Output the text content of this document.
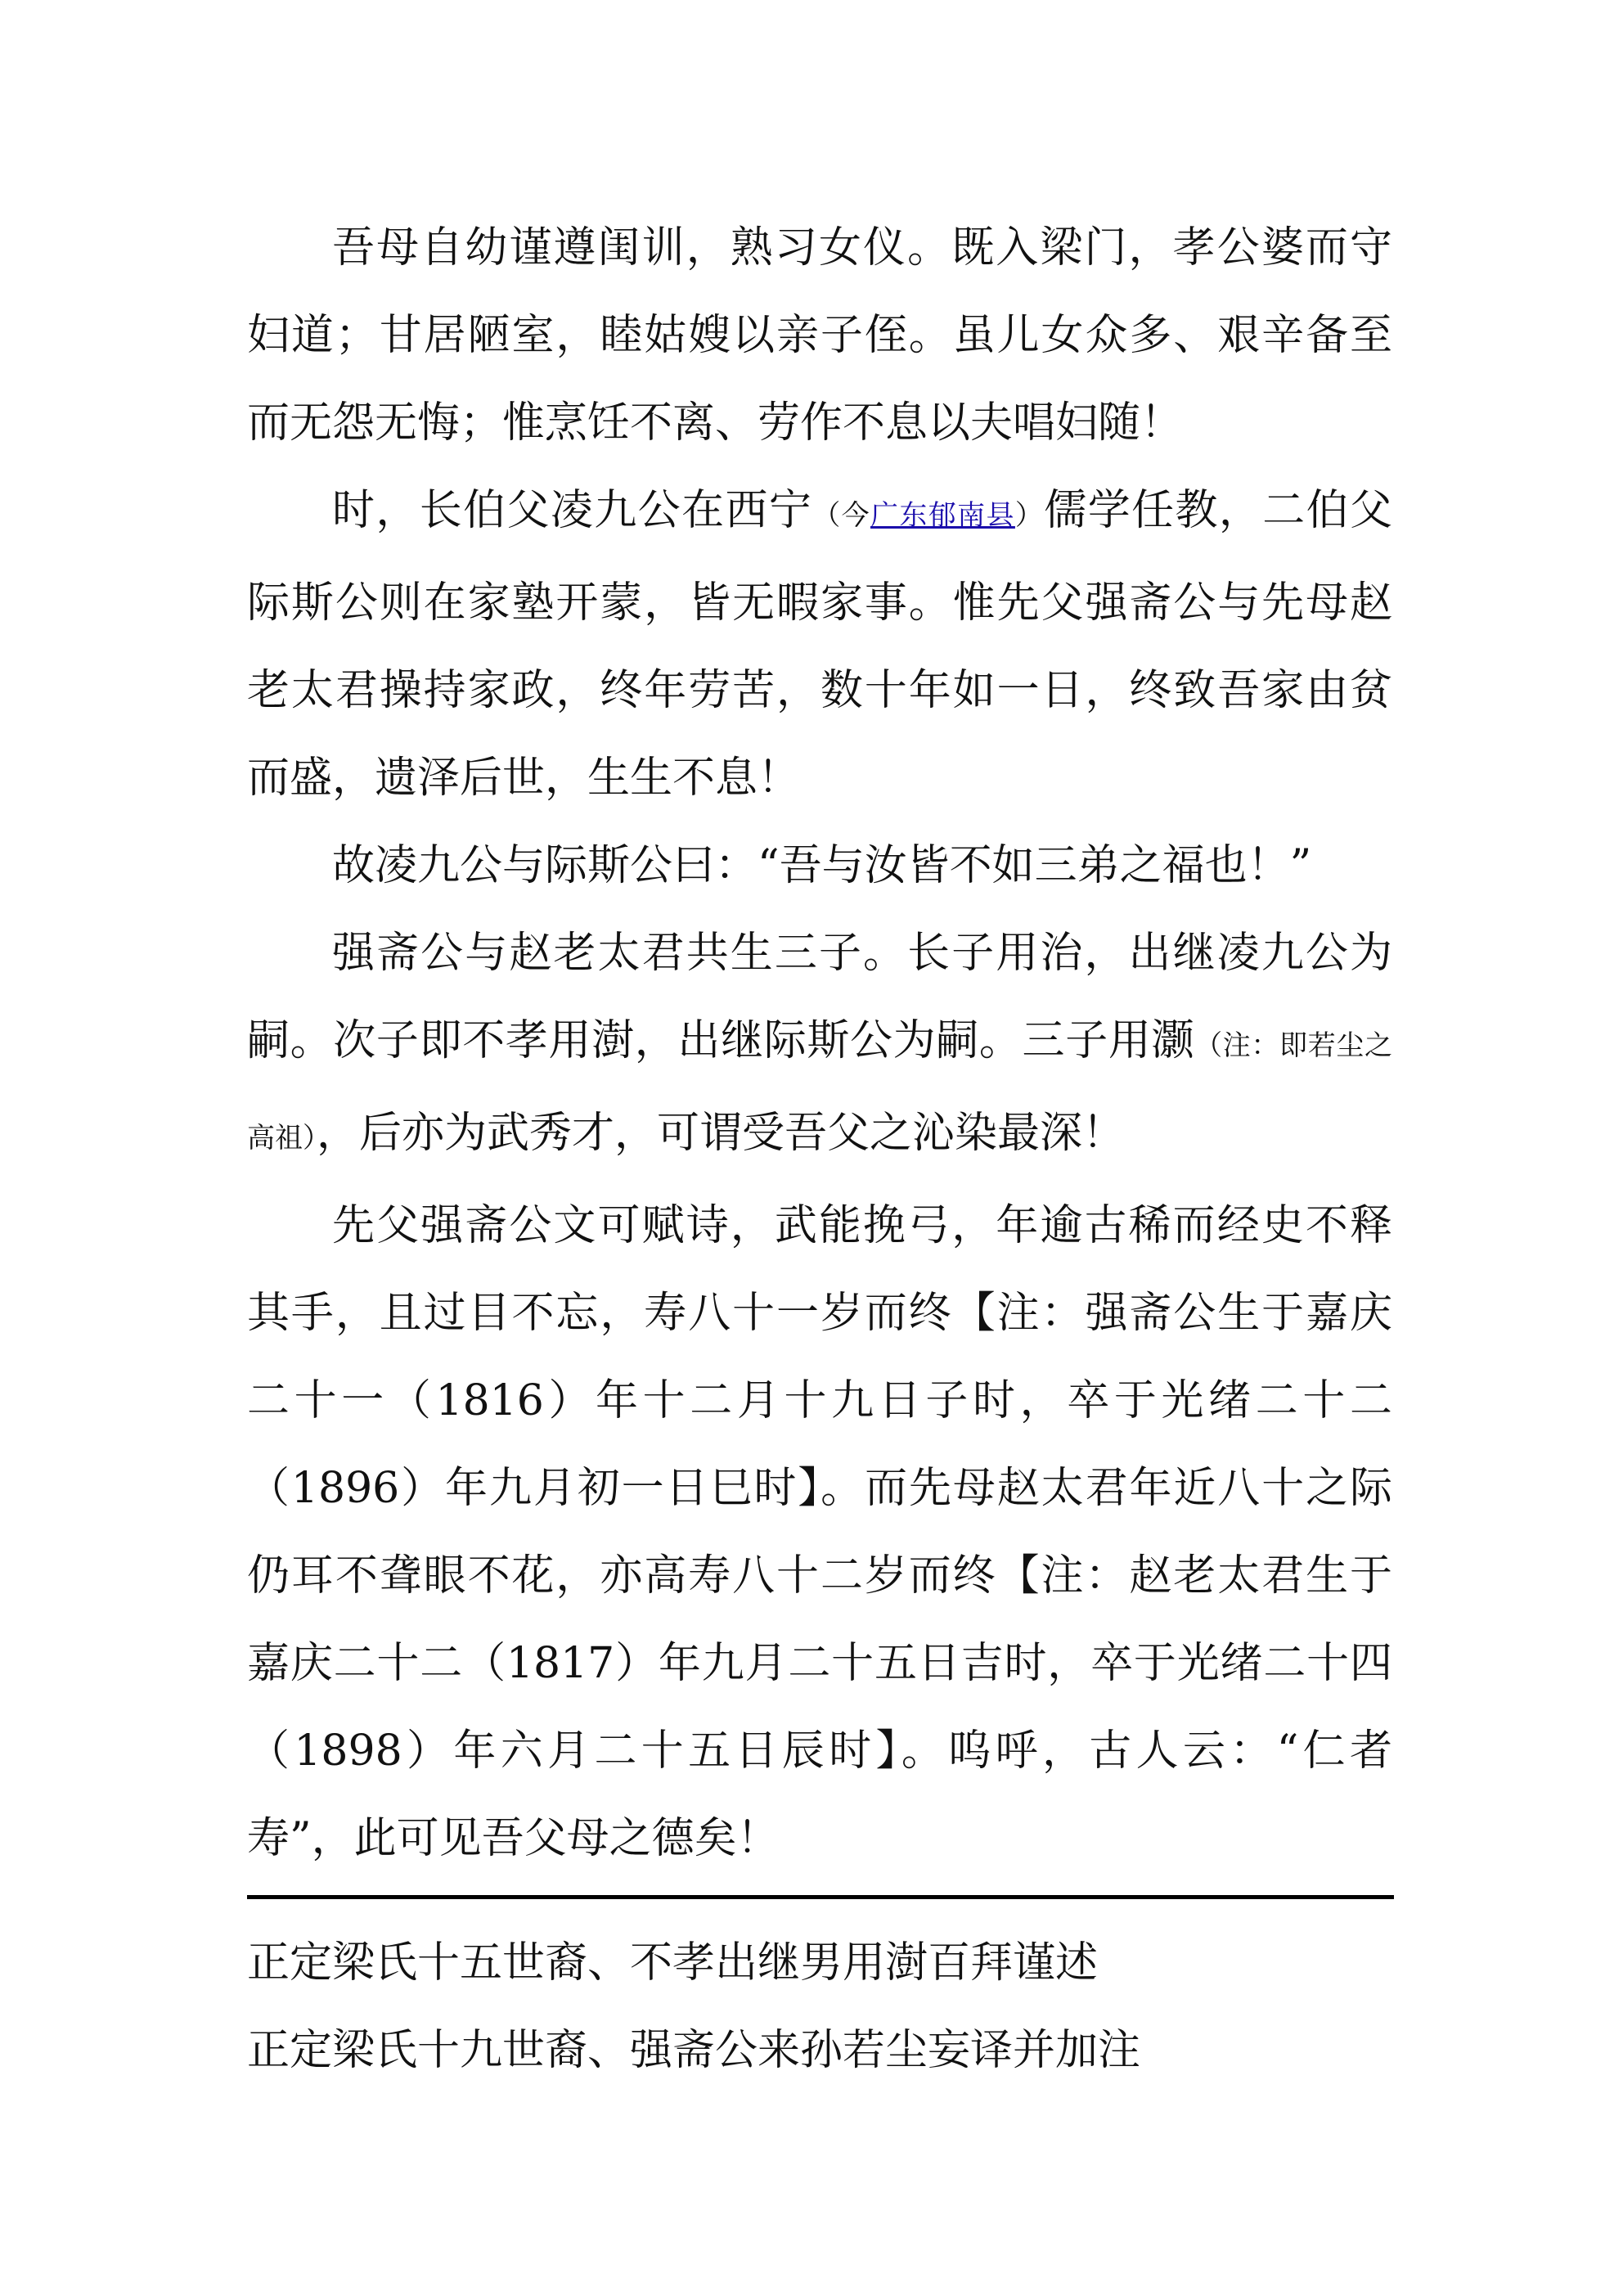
吾母自幼谨遵闺训，熟习女仪。既入梁门，孝公婆而守妇道；甘居陋室，睦姑嫂以亲子侄。虽儿女众多、艰辛备至而无怨无悔；惟烹饪不离、劳作不息以夫唱妇随！

时，长伯父凌九公在西宁（今广东郁南县）儒学任教，二伯父际斯公则在家塾开蒙，皆无暇家事。惟先父强斋公与先母赵老太君操持家政，终年劳苦，数十年如一日，终致吾家由贫而盛，遗泽后世，生生不息！

故凌九公与际斯公曰：“吾与汝皆不如三弟之福也！”

强斋公与赵老太君共生三子。长子用治，出继凌九公为嗣。次子即不孝用澍，出继际斯公为嗣。三子用灏（注：即若尘之高祖），后亦为武秀才，可谓受吾父之沁染最深！

先父强斋公文可赋诗，武能挽弓，年逾古稀而经史不释其手，且过目不忘，寿八十一岁而终【注：强斋公生于嘉庆二十一（1816）年十二月十九日子时，卒于光绪二十二（1896）年九月初一日巳时】。而先母赵太君年近八十之际仍耳不聋眼不花，亦高寿八十二岁而终【注：赵老太君生于嘉庆二十二（1817）年九月二十五日吉时，卒于光绪二十四（1898）年六月二十五日辰时】。呜呼，古人云：“仁者寿”，此可见吾父母之德矣！

正定梁氏十五世裔、不孝出继男用澍百拜谨述
正定梁氏十九世裔、强斋公来孙若尘妄译并加注
